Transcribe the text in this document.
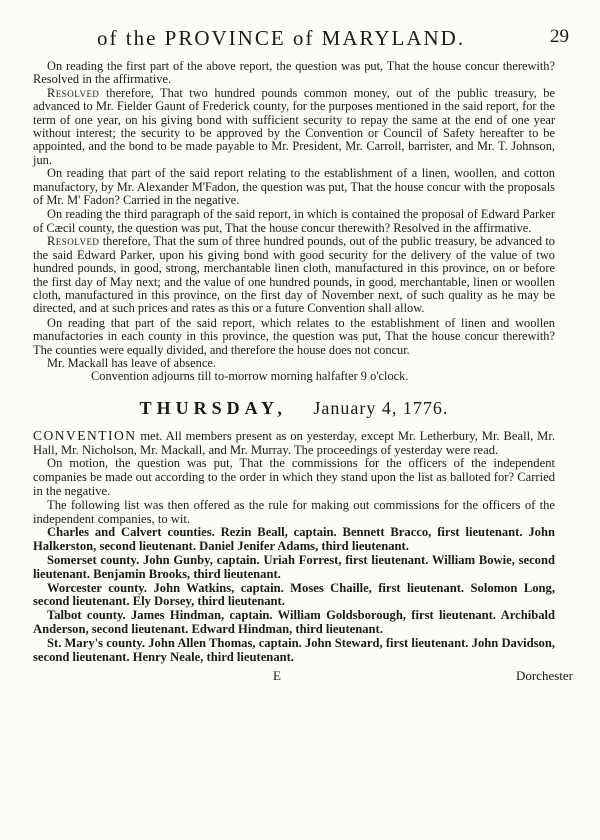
of the PROVINCE of MARYLAND.	29

On reading the first part of the above report, the question was put, That the house concur therewith? Resolved in the affirmative.

Resolved therefore, That two hundred pounds common money, out of the public treasury, be advanced to Mr. Fielder Gaunt of Frederick county, for the purposes mentioned in the said report, for the term of one year, on his giving bond with sufficient security to repay the same at the end of one year without interest; the security to be approved by the Convention or Council of Safety hereafter to be appointed, and the bond to be made payable to Mr. President, Mr. Carroll, barrister, and Mr. T. Johnson, jun.

On reading that part of the said report relating to the establishment of a linen, woollen, and cotton manufactory, by Mr. Alexander M'Fadon, the question was put, That the house concur with the proposals of Mr. M' Fadon? Carried in the negative.

On reading the third paragraph of the said report, in which is contained the proposal of Edward Parker of Cæcil county, the question was put, That the house concur therewith? Resolved in the affirmative.

Resolved therefore, That the sum of three hundred pounds, out of the public treasury, be advanced to the said Edward Parker, upon his giving bond with good security for the delivery of the value of two hundred pounds, in good, strong, merchantable linen cloth, manufactured in this province, on or before the first day of May next; and the value of one hundred pounds, in good, merchantable, linen or woollen cloth, manufactured in this province, on the first day of November next, of such quality as he may be directed, and at such prices and rates as this or a future Convention shall allow.

On reading that part of the said report, which relates to the establishment of linen and woollen manufactories in each county in this province, the question was put, That the house concur therewith? The counties were equally divided, and therefore the house does not concur.

Mr. Mackall has leave of absence.

Convention adjourns till to-morrow morning halfafter 9 o'clock.

THURSDAY, January 4, 1776.

CONVENTION met. All members present as on yesterday, except Mr. Letherbury, Mr. Beall, Mr. Hall, Mr. Nicholson, Mr. Mackall, and Mr. Murray. The proceedings of yesterday were read.

On motion, the question was put, That the commissions for the officers of the independent companies be made out according to the order in which they stand upon the list as balloted for? Carried in the negative.

The following list was then offered as the rule for making out commissions for the officers of the independent companies, to wit.

Charles and Calvert counties. Rezin Beall, captain. Bennett Bracco, first lieutenant. John Halkerston, second lieutenant. Daniel Jenifer Adams, third lieutenant.

Somerset county. John Gunby, captain. Uriah Forrest, first lieutenant. William Bowie, second lieutenant. Benjamin Brooks, third lieutenant.

Worcester county. John Watkins, captain. Moses Chaille, first lieutenant. Solomon Long, second lieutenant. Ely Dorsey, third lieutenant.

Talbot county. James Hindman, captain. William Goldsborough, first lieutenant. Archibald Anderson, second lieutenant. Edward Hindman, third lieutenant.

St. Mary's county. John Allen Thomas, captain. John Steward, first lieutenant. John Davidson, second lieutenant. Henry Neale, third lieutenant.

E	Dorchester
